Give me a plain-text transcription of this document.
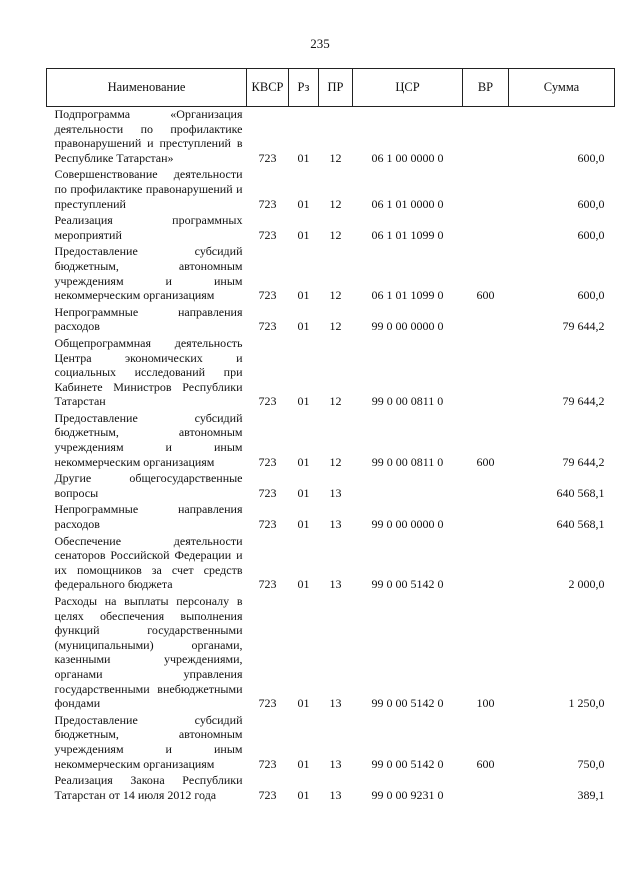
235
Наименование	КВСР	Рз	ПР	ЦСР	ВР	Сумма
Подпрограмма «Организация деятельности по профилактике правонарушений и преступлений в Республике Татарстан»	723	01	12	06 1 00 0000 0		600,0
Совершенствование деятельности по профилактике правонарушений и преступлений	723	01	12	06 1 01 0000 0		600,0
Реализация программных мероприятий	723	01	12	06 1 01 1099 0		600,0
Предоставление субсидий бюджетным, автономным учреждениям и иным некоммерческим организациям	723	01	12	06 1 01 1099 0	600	600,0
Непрограммные направления расходов	723	01	12	99 0 00 0000 0		79 644,2
Общепрограммная деятельность Центра экономических и социальных исследований при Кабинете Министров Республики Татарстан	723	01	12	99 0 00 0811 0		79 644,2
Предоставление субсидий бюджетным, автономным учреждениям и иным некоммерческим организациям	723	01	12	99 0 00 0811 0	600	79 644,2
Другие общегосударственные вопросы	723	01	13			640 568,1
Непрограммные направления расходов	723	01	13	99 0 00 0000 0		640 568,1
Обеспечение деятельности сенаторов Российской Федерации и их помощников за счет средств федерального бюджета	723	01	13	99 0 00 5142 0		2 000,0
Расходы на выплаты персоналу в целях обеспечения выполнения функций государственными (муниципальными) органами, казенными учреждениями, органами управления государственными внебюджетными фондами	723	01	13	99 0 00 5142 0	100	1 250,0
Предоставление субсидий бюджетным, автономным учреждениям и иным некоммерческим организациям	723	01	13	99 0 00 5142 0	600	750,0
Реализация Закона Республики Татарстан от 14 июля 2012 года	723	01	13	99 0 00 9231 0		389,1
